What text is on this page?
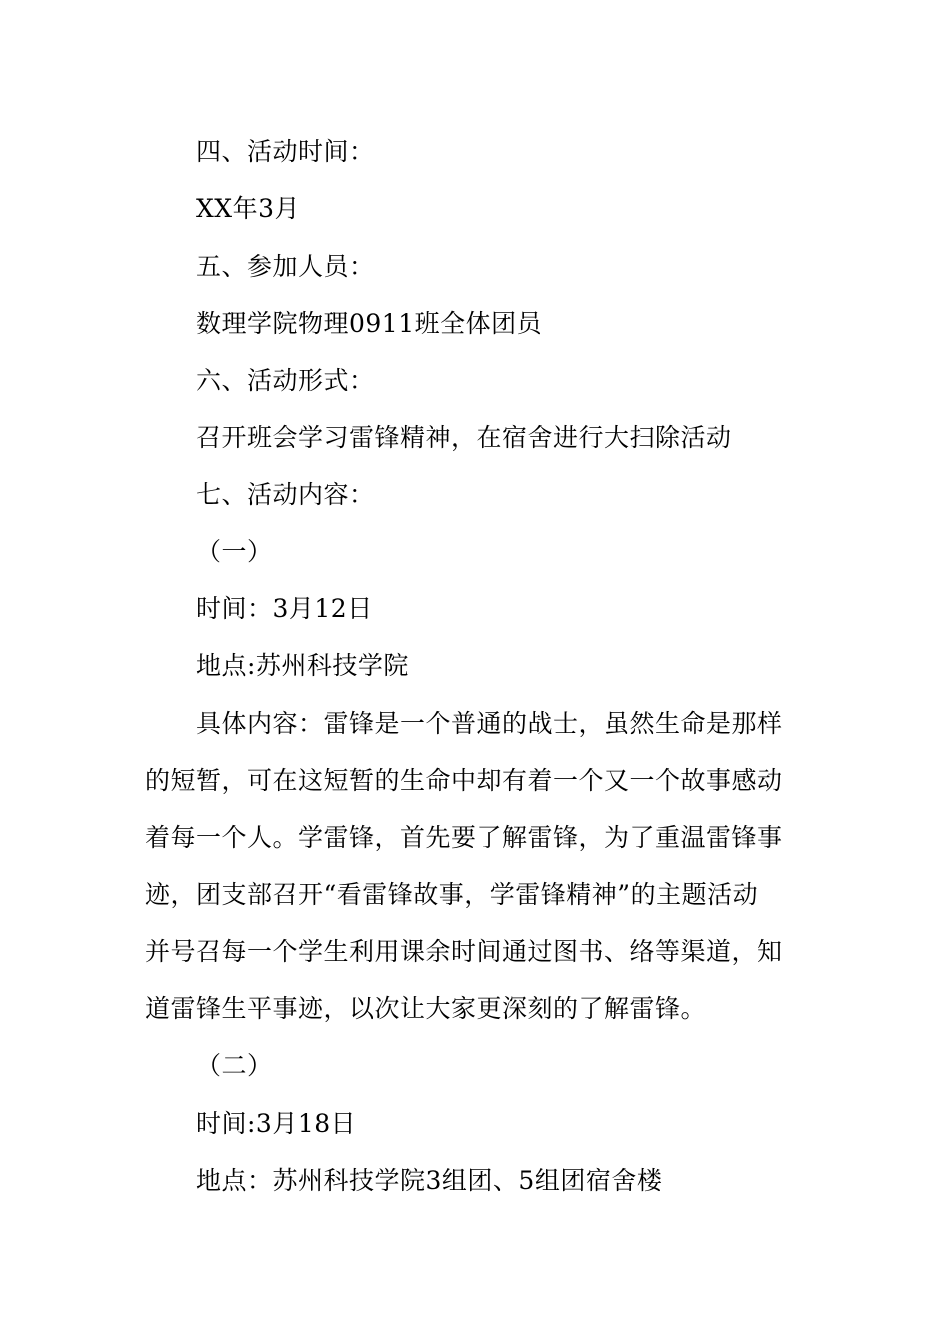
四、活动时间：
XX年3月
五、参加人员：
数理学院物理0911班全体团员
六、活动形式：
召开班会学习雷锋精神，在宿舍进行大扫除活动
七、活动内容：
（一）
时间：3月12日
地点:苏州科技学院
具体内容：雷锋是一个普通的战士，虽然生命是那样
的短暂，可在这短暂的生命中却有着一个又一个故事感动
着每一个人。学雷锋，首先要了解雷锋，为了重温雷锋事
迹，团支部召开“看雷锋故事，学雷锋精神”的主题活动
并号召每一个学生利用课余时间通过图书、络等渠道，知
道雷锋生平事迹，以次让大家更深刻的了解雷锋。
（二）
时间:3月18日
地点：苏州科技学院3组团、5组团宿舍楼
